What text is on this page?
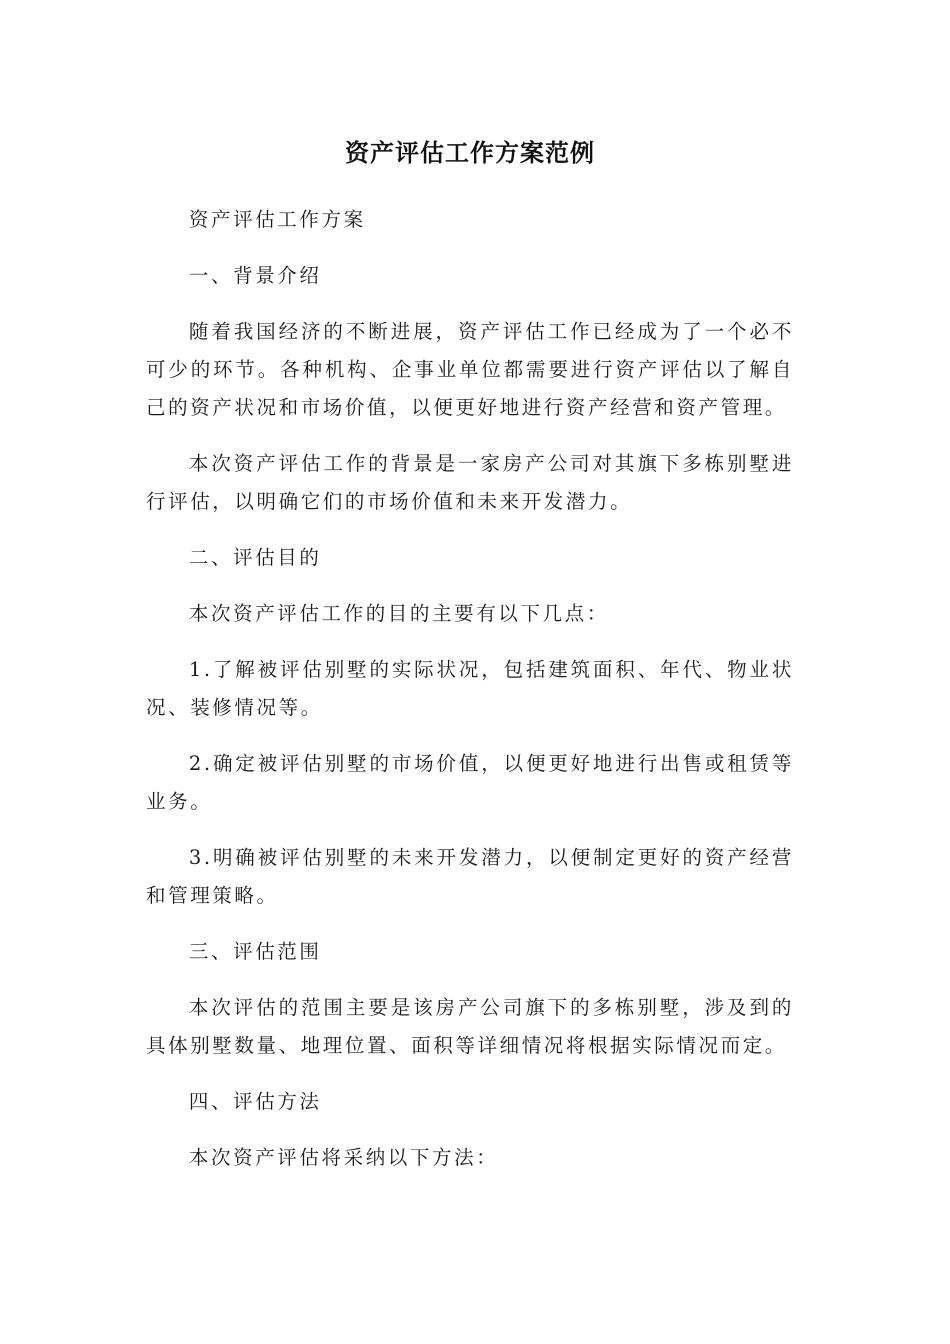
资产评估工作方案范例

资产评估工作方案

一、背景介绍

随着我国经济的不断进展，资产评估工作已经成为了一个必不可少的环节。各种机构、企事业单位都需要进行资产评估以了解自己的资产状况和市场价值，以便更好地进行资产经营和资产管理。

本次资产评估工作的背景是一家房产公司对其旗下多栋别墅进行评估，以明确它们的市场价值和未来开发潜力。

二、评估目的

本次资产评估工作的目的主要有以下几点：

1.了解被评估别墅的实际状况，包括建筑面积、年代、物业状况、装修情况等。

2.确定被评估别墅的市场价值，以便更好地进行出售或租赁等业务。

3.明确被评估别墅的未来开发潜力，以便制定更好的资产经营和管理策略。

三、评估范围

本次评估的范围主要是该房产公司旗下的多栋别墅，涉及到的具体别墅数量、地理位置、面积等详细情况将根据实际情况而定。

四、评估方法

本次资产评估将采纳以下方法：
